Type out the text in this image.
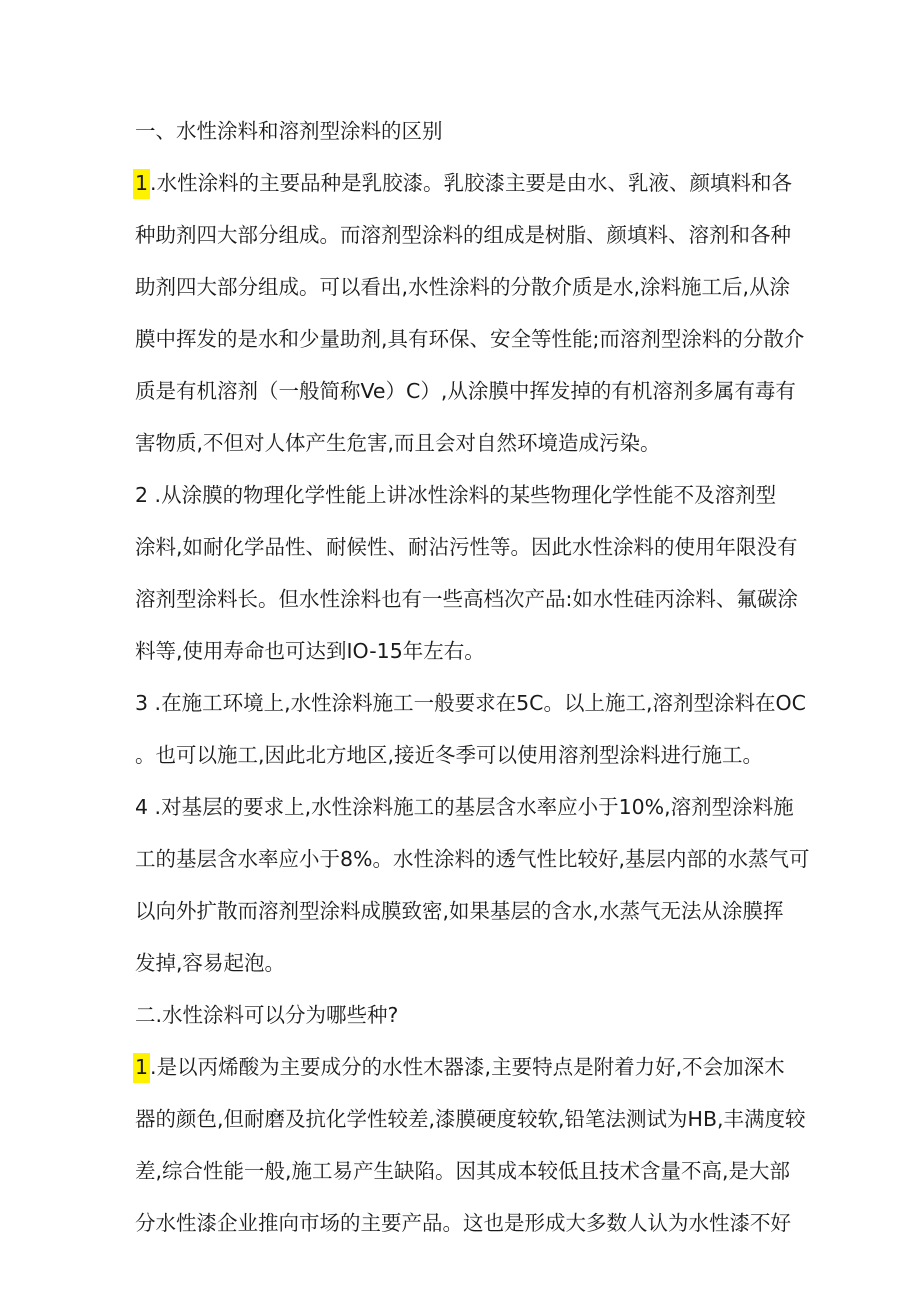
一、水性涂料和溶剂型涂料的区别
1.水性涂料的主要品种是乳胶漆。乳胶漆主要是由水、乳液、颜填料和各
种助剂四大部分组成。而溶剂型涂料的组成是树脂、颜填料、溶剂和各种
助剂四大部分组成。可以看出,水性涂料的分散介质是水,涂料施工后,从涂
膜中挥发的是水和少量助剂,具有环保、安全等性能;而溶剂型涂料的分散介
质是有机溶剂（一般简称Ve）C）,从涂膜中挥发掉的有机溶剂多属有毒有
害物质,不但对人体产生危害,而且会对自然环境造成污染。
2 .从涂膜的物理化学性能上讲冰性涂料的某些物理化学性能不及溶剂型
涂料,如耐化学品性、耐候性、耐沾污性等。因此水性涂料的使用年限没有
溶剂型涂料长。但水性涂料也有一些高档次产品:如水性硅丙涂料、氟碳涂
料等,使用寿命也可达到IO-15年左右。
3 .在施工环境上,水性涂料施工一般要求在5C。以上施工,溶剂型涂料在OC
。也可以施工,因此北方地区,接近冬季可以使用溶剂型涂料进行施工。
4 .对基层的要求上,水性涂料施工的基层含水率应小于10%,溶剂型涂料施
工的基层含水率应小于8%。水性涂料的透气性比较好,基层内部的水蒸气可
以向外扩散而溶剂型涂料成膜致密,如果基层的含水,水蒸气无法从涂膜挥
发掉,容易起泡。
二.水性涂料可以分为哪些种?
1.是以丙烯酸为主要成分的水性木器漆,主要特点是附着力好,不会加深木
器的颜色,但耐磨及抗化学性较差,漆膜硬度较软,铅笔法测试为HB,丰满度较
差,综合性能一般,施工易产生缺陷。因其成本较低且技术含量不高,是大部
分水性漆企业推向市场的主要产品。这也是形成大多数人认为水性漆不好
